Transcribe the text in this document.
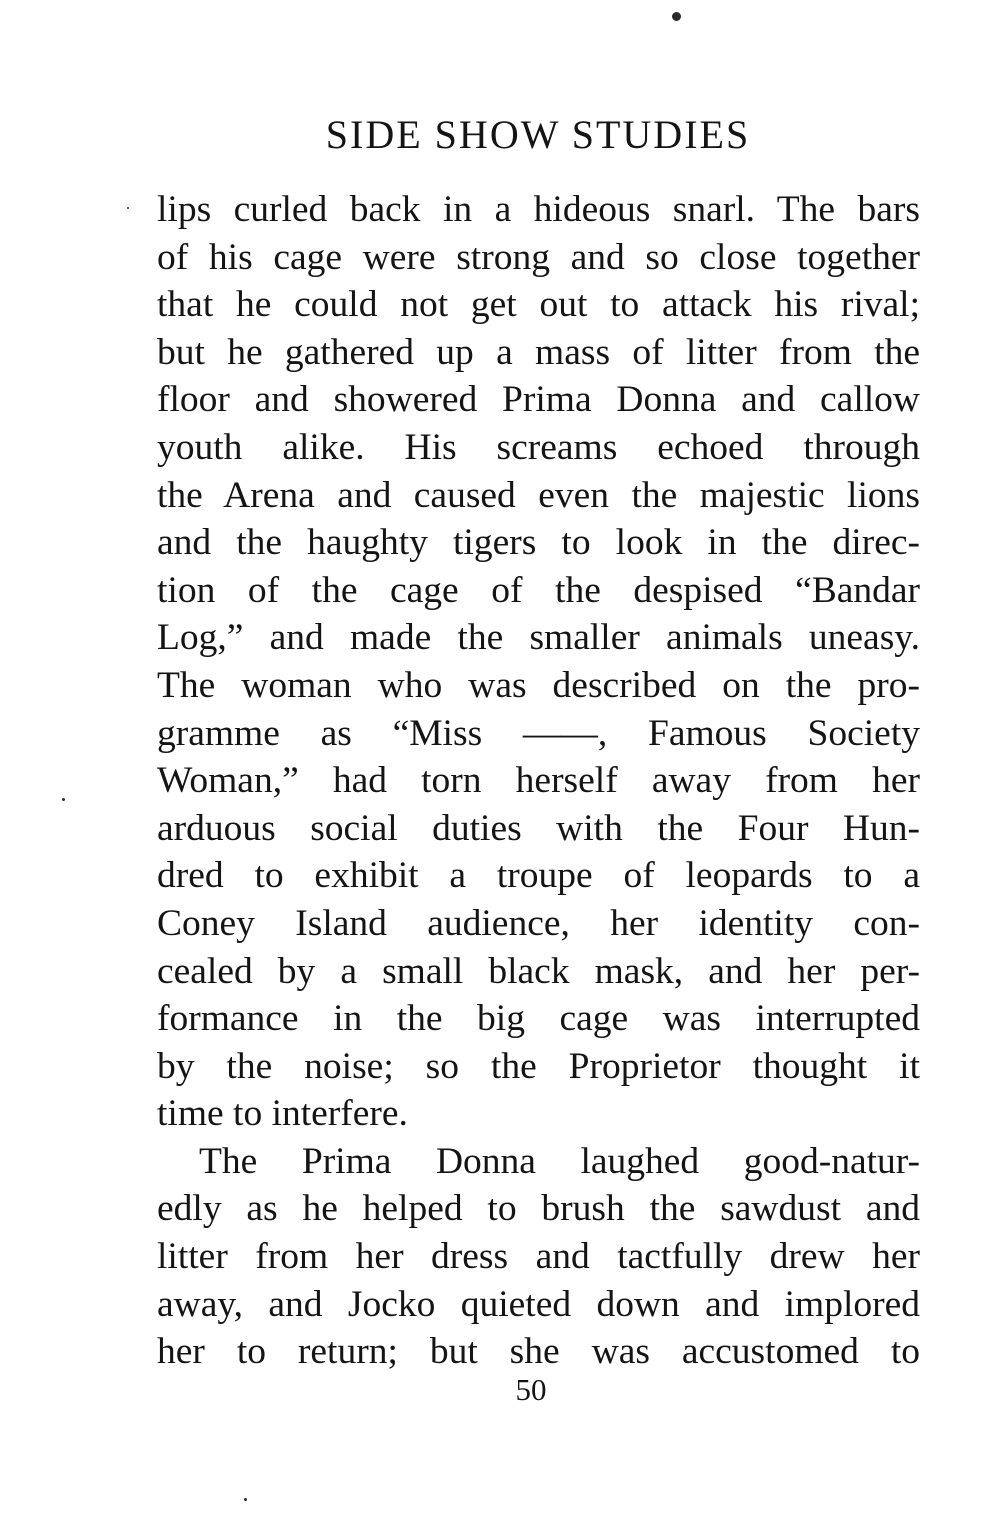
SIDE SHOW STUDIES
lips curled back in a hideous snarl. The bars
of his cage were strong and so close together
that he could not get out to attack his rival;
but he gathered up a mass of litter from the
floor and showered Prima Donna and callow
youth alike. His screams echoed through
the Arena and caused even the majestic lions
and the haughty tigers to look in the direc-
tion of the cage of the despised “Bandar
Log,” and made the smaller animals uneasy.
The woman who was described on the pro-
gramme as “Miss ——, Famous Society
Woman,” had torn herself away from her
arduous social duties with the Four Hun-
dred to exhibit a troupe of leopards to a
Coney Island audience, her identity con-
cealed by a small black mask, and her per-
formance in the big cage was interrupted
by the noise; so the Proprietor thought it
time to interfere.
The Prima Donna laughed good-natur-
edly as he helped to brush the sawdust and
litter from her dress and tactfully drew her
away, and Jocko quieted down and implored
her to return; but she was accustomed to
50
